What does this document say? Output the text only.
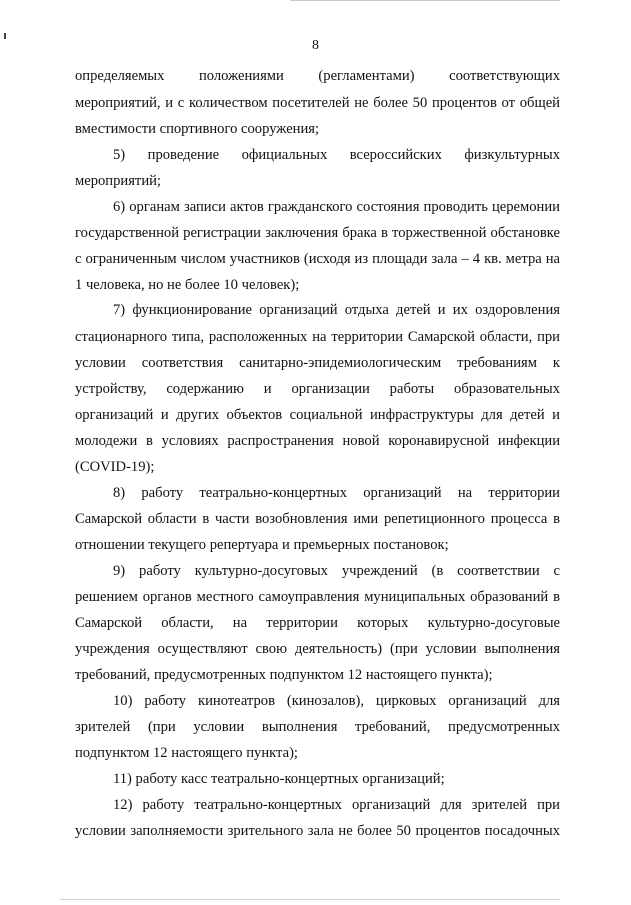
8
определяемых положениями (регламентами) соответствующих
мероприятий, и с количеством посетителей не более 50 процентов от общей
вместимости спортивного сооружения;
5) проведение официальных всероссийских физкультурных
мероприятий;
6) органам записи актов гражданского состояния проводить церемонии
государственной регистрации заключения брака в торжественной обстановке
с ограниченным числом участников (исходя из площади зала – 4 кв. метра на
1 человека, но не более 10 человек);
7) функционирование организаций отдыха детей и их оздоровления
стационарного типа, расположенных на территории Самарской области, при
условии соответствия санитарно-эпидемиологическим требованиям к
устройству, содержанию и организации работы образовательных
организаций и других объектов социальной инфраструктуры для детей и
молодежи в условиях распространения новой коронавирусной инфекции
(COVID-19);
8) работу театрально-концертных организаций на территории
Самарской области в части возобновления ими репетиционного процесса в
отношении текущего репертуара и премьерных постановок;
9) работу культурно-досуговых учреждений (в соответствии с
решением органов местного самоуправления муниципальных образований в
Самарской области, на территории которых культурно-досуговые
учреждения осуществляют свою деятельность) (при условии выполнения
требований, предусмотренных подпунктом 12 настоящего пункта);
10) работу кинотеатров (кинозалов), цирковых организаций для
зрителей (при условии выполнения требований, предусмотренных
подпунктом 12 настоящего пункта);
11) работу касс театрально-концертных организаций;
12) работу театрально-концертных организаций для зрителей при
условии заполняемости зрительного зала не более 50 процентов посадочных
